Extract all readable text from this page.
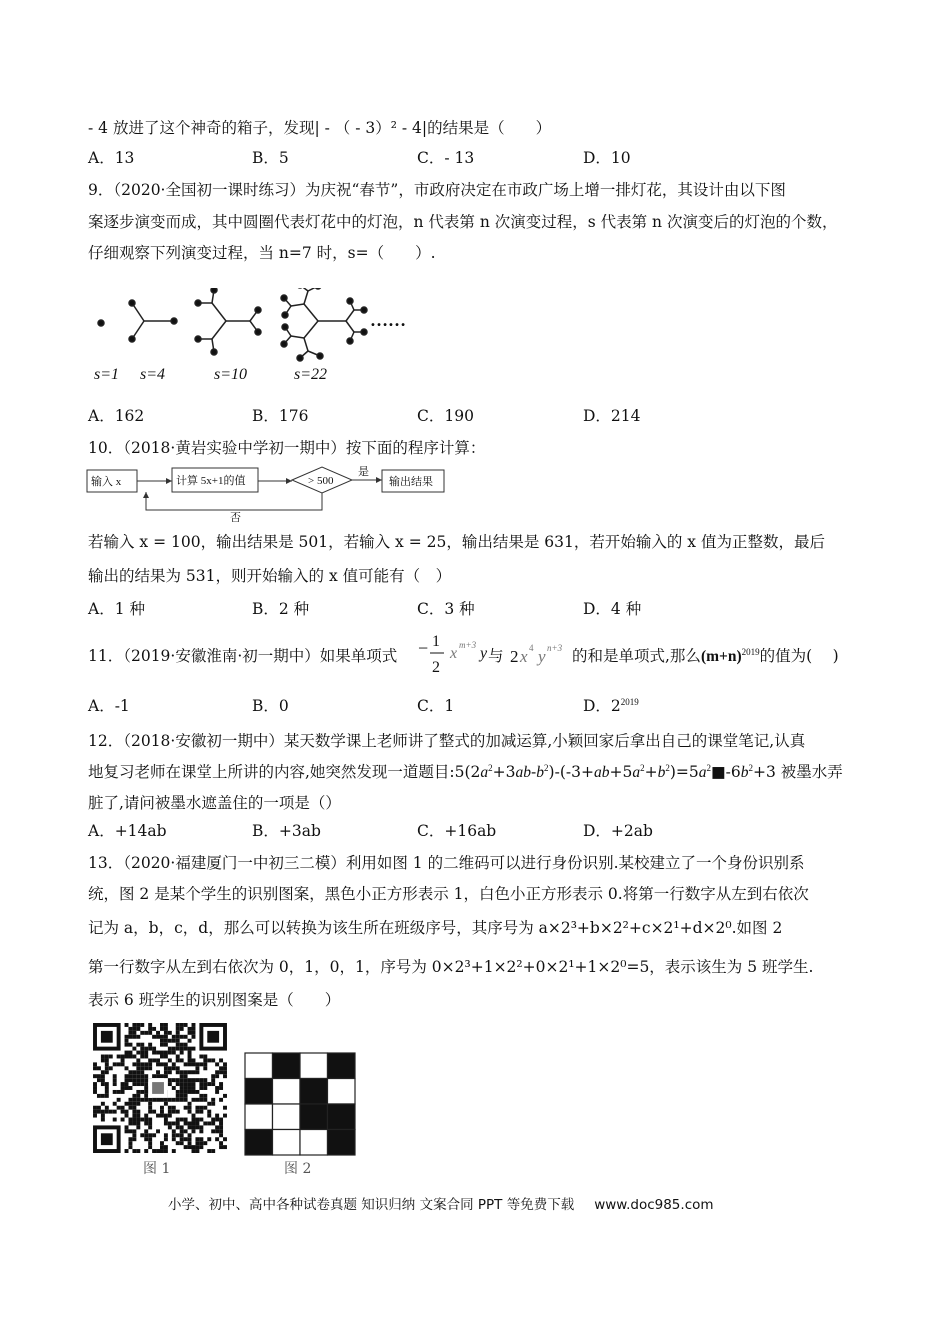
- 4 放进了这个神奇的箱子，发现| - （ - 3）² - 4|的结果是（　　）
A．13	B．5	C．- 13	D．10
9．（2020·全国初一课时练习）为庆祝“春节”，市政府决定在市政广场上增一排灯花，其设计由以下图
案逐步演变而成，其中圆圈代表灯花中的灯泡，n 代表第 n 次演变过程，s 代表第 n 次演变后的灯泡的个数，
仔细观察下列演变过程，当 n=7 时，s=（　　）.
……
s=1 s=4	s=10	s=22
A．162	B．176	C．190	D．214
10．（2018·黄岩实验中学初一期中）按下面的程序计算：
输入 x	计算 5x+1的值	> 500
是
输出结果
否
若输入 x = 100，输出结果是 501，若输入 x = 25，输出结果是 631，若开始输入的 x 值为正整数，最后
输出的结果为 531，则开始输入的 x 值可能有（　）
A．1 种	B．2 种	C．3 种	D．4 种
11．（2019·安徽淮南·初一期中）如果单项式 − 1
2
x m+3 y 与 2 x 4 y n+3 的和是单项式,那么$(m+n)^{2019}$的值为(　 )
A．-1	B．0	C．1	D．$2^{2019}$
12．（2018·安徽初一期中）某天数学课上老师讲了整式的加减运算,小颖回家后拿出自己的课堂笔记,认真
地复习老师在课堂上所讲的内容,她突然发现一道题目$:5(2a^2+3ab-b^2)-(-3+ab+5a^2+b^2)=5a^2■-6b^2+3$ 被墨水弄
脏了,请问被墨水遮盖住的一项是（）
A．+14ab	B．+3ab	C．+16ab	D．+2ab
13．（2020·福建厦门一中初三二模）利用如图 1 的二维码可以进行身份识别.某校建立了一个身份识别系
统，图 2 是某个学生的识别图案，黑色小正方形表示 1，白色小正方形表示 0.将第一行数字从左到右依次
记为 a，b，c，d，那么可以转换为该生所在班级序号，其序号为 a×2³+b×2²+c×2¹+d×2⁰.如图 2
第一行数字从左到右依次为 0，1，0，1，序号为 0×2³+1×2²+0×2¹+1×2⁰=5，表示该生为 5 班学生.
表示 6 班学生的识别图案是（　　）
图 1	图 2
小学、初中、高中各种试卷真题 知识归纳 文案合同 PPT 等免费下载 www.doc985.com
